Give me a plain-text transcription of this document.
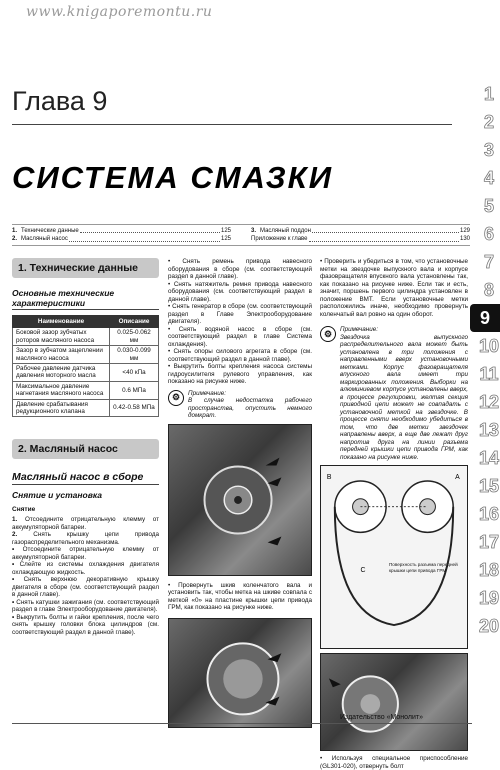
www.knigaporemontu.ru
Глава 9
СИСТЕМА СМАЗКИ
1
2
3
4
5
6
7
8
9
10
11
12
13
14
15
16
17
18
19
20
1. Технические данные	125
2. Масляный насос	125
3. Масляный поддон	129
Приложение к главе	130
1. Технические данные
Основные технические характеристики
Наименование	Описание
Боковой зазор зубчатых роторов масляного насоса	0.025-0.062 мм
Зазор в зубчатом зацеплении масляного насоса	0.030-0.099 мм
Рабочее давление датчика давления моторного масла	<40 кПа
Максимальное давление нагнетания масляного насоса	0.6 МПа
Давление срабатывания редукционного клапана	0.42-0.58 МПа
2. Масляный насос
Масляный насос в сборе
Снятие и установка
Снятие

1. Отсоедините отрицательную клемму от аккумуляторной батареи.

2.	Снять крышку цепи привода газораспределительного механизма.

• Отсоедините отрицательную клемму от аккумуляторной батареи.

• Слейте из системы охлаждения двигателя охлаждающую жидкость.

• Снять верхнюю декоративную крышку двигателя в сборе (см. соответствующий раздел в данной главе).

• Снять катушки зажигания (см. соответствующий раздел в главе Электрооборудование двигателя).

• Выкрутить болты и гайки крепления, после чего снять крышку головки блока цилиндров (см. соответствующий раздел в данной главе).

• Снять ремень привода навесного оборудования в сборе (см. соответствующий раздел в данной главе).

• Снять натяжитель ремня привода навесного оборудования (см. соответствующий раздел в данной главе).

• Снять генератор в сборе (см. соответствующий раздел в Главе Электрооборудование двигателя).

• Снять водяной насос в сборе (см. соответствующий раздел в главе Система охлаждения).

• Снять опоры силового агрегата в сборе (см. соответствующий раздел в данной главе).

• Выкрутить болты крепления насоса системы гидроусилителя рулевого управления, как показано на рисунке ниже.

⚙	Примечание:
В случае недостатка рабочего пространства, опустить немного домкрат.

• Провернуть шкив коленчатого вала и установить так, чтобы метка на шкиве совпала с меткой «0» на пластине крышки цепи привода ГРМ, как показано на рисунке ниже.

• Проверить и убедиться в том, что установочные метки на звездочке выпускного вала и корпусе фазовращателя впускного вала установлены так, как показано на рисунке ниже. Если так и есть, значит, поршень первого цилиндра установлен в положение ВМТ. Если установочные метки расположились иначе, необходимо провернуть коленчатый вал ровно на один оборот.

⚙	Примечание:
Звездочка выпускного распределительного вала может быть установлена в три положения с направленными вверх установочными метками. Корпус фазовращателя впускного вала имеет три маркированных положения. Выборки на алюминиевом корпусе установлены вверх, в процессе регулировки, желтая секция приводной цепи может не совпадать с установочной меткой на звездочке. В процессе сняти необходимо убедиться в том, что две метки звездочек направлены вверх, а еще две лежат друг напротив друга на линии разъема передней крышки цепи привода ГРМ, как показано на рисунке ниже.
B	A
C
Поверхность разъема передней крышки цепи привода ГРМ

• Используя специальное приспособление (GL301-020), отвернуть болт

Издательство «Монолит»
